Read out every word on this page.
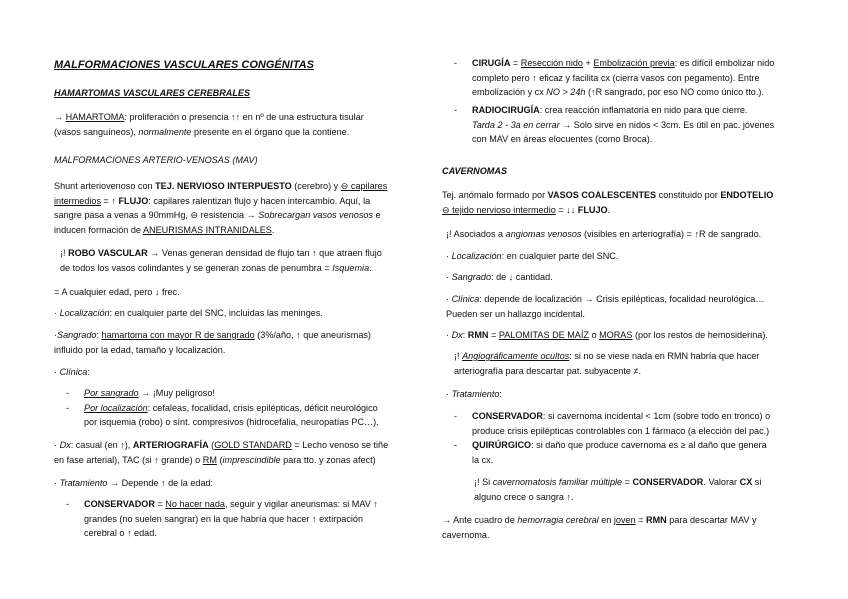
MALFORMACIONES VASCULARES CONGÉNITAS
HAMARTOMAS VASCULARES CEREBRALES

→ HAMARTOMA: proliferación o presencia ↑↑ en nº de una estructura tisular

(vasos sanguíneos), normalmente presente en el órgano que la contiene.

MALFORMACIONES ARTERIO-VENOSAS (MAV)

Shunt arteriovenoso con TEJ. NERVIOSO INTERPUESTO (cerebro) y ⊖ capilares

intermedios = ↑ FLUJO: capilares ralentizan flujo y hacen intercambio. Aquí, la

sangre pasa a venas a 90mmHg, ⊖ resistencia → Sobrecargan vasos venosos e

inducen formación de ANEURISMAS INTRANIDALES.

¡! ROBO VASCULAR → Venas generan densidad de flujo tan ↑ que atraen flujo

de todos los vasos colindantes y se generan zonas de penumbra = Isquemia.

= A cualquier edad, pero ↓ frec.
· Localización: en cualquier parte del SNC, incluidas las meninges.

·Sangrado: hamartoma con mayor R de sangrado (3%/año, ↑ que aneurismas)

influido por la edad, tamaño y localización.

· Clínica:

- Por sangrado → ¡Muy peligroso!

- Por localización: cefaleas, focalidad, crisis epilépticas, déficit neurológico

por isquemia (robo) o sínt. compresivos (hidrocefalia, neuropatías PC…).

· Dx: casual (en ↑), ARTERIOGRAFÍA (GOLD STANDARD = Lecho venoso se tiñe

en fase arterial), TAC (si ↑ grande) o RM (imprescindible para tto. y zonas afect)

· Tratamiento → Depende ↑ de la edad:

- CONSERVADOR = No hacer nada, seguir y vigilar aneurismas: si MAV ↑

grandes (no suelen sangrar) en la que habría que hacer ↑ extirpación

cerebral o ↑ edad.

- CIRUGÍA = Resección nido + Embolización previa: es difícil embolizar nido

completo pero ↑ eficaz y facilita cx (cierra vasos con pegamento). Entre

embolización y cx NO > 24h (↑R sangrado, por eso NO como único tto.).

- RADIOCIRUGÍA: crea reacción inflamatoria en nido para que cierre.

Tarda 2 - 3a en cerrar → Solo sirve en nidos < 3cm. Es útil en pac. jóvenes

con MAV en áreas elocuentes (como Broca).

CAVERNOMAS

Tej. anómalo formado por VASOS COALESCENTES constituido por ENDOTELIO

⊖ tejido nervioso intermedio = ↓↓ FLUJO.

¡! Asociados a angiomas venosos (visibles en arteriografía) = ↑R de sangrado.
· Localización: en cualquier parte del SNC.
· Sangrado: de ↓ cantidad.

· Clínica: depende de localización → Crisis epilépticas, focalidad neurológica…

Pueden ser un hallazgo incidental.

· Dx: RMN = PALOMITAS DE MAÍZ o MORAS (por los restos de hemosiderina).

¡! Angiográficamente ocultos: si no se viese nada en RMN habría que hacer

arteriografía para descartar pat. subyacente ≠.

· Tratamiento:

- CONSERVADOR: si cavernoma incidental < 1cm (sobre todo en tronco) o

produce crisis epilépticas controlables con 1 fármaco (a elección del pac.)

- QUIRÚRGICO: si daño que produce cavernoma es ≥ al daño que genera

la cx.

¡! Si cavernomatosis familiar múltiple = CONSERVADOR. Valorar CX si

alguno crece o sangra ↑.

→ Ante cuadro de hemorragia cerebral en joven = RMN para descartar MAV y

cavernoma.
